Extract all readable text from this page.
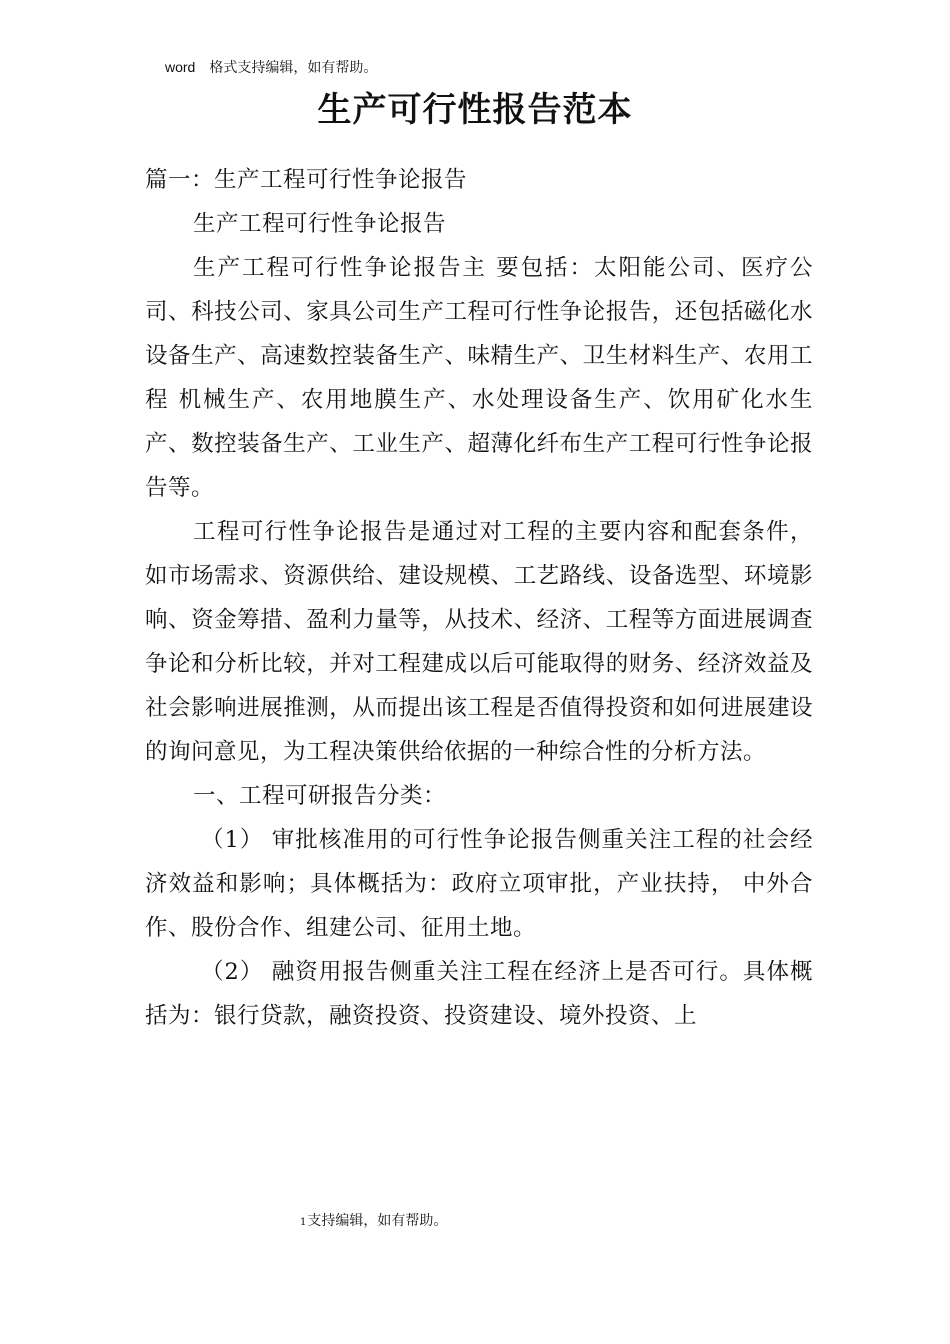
word 格式支持编辑，如有帮助。
生产可行性报告范本

篇一：生产工程可行性争论报告

生产工程可行性争论报告

生产工程可行性争论报告主 要包括：太阳能公司、医疗公司、科技公司、家具公司生产工程可行性争论报告，还包括磁化水设备生产、高速数控装备生产、味精生产、卫生材料生产、农用工程 机械生产、农用地膜生产、水处理设备生产、饮用矿化水生产、数控装备生产、工业生产、超薄化纤布生产工程可行性争论报告等。

工程可行性争论报告是通过对工程的主要内容和配套条件，如市场需求、资源供给、建设规模、工艺路线、设备选型、环境影响、资金筹措、盈利力量等，从技术、经济、工程等方面进展调查争论和分析比较，并对工程建成以后可能取得的财务、经济效益及社会影响进展推测，从而提出该工程是否值得投资和如何进展建设的询问意见，为工程决策供给依据的一种综合性的分析方法。

一、工程可研报告分类：

（1） 审批核准用的可行性争论报告侧重关注工程的社会经济效益和影响；具体概括为：政府立项审批，产业扶持， 中外合作、股份合作、组建公司、征用土地。

（2） 融资用报告侧重关注工程在经济上是否可行。具体概括为：银行贷款，融资投资、投资建设、境外投资、上

1支持编辑，如有帮助。
